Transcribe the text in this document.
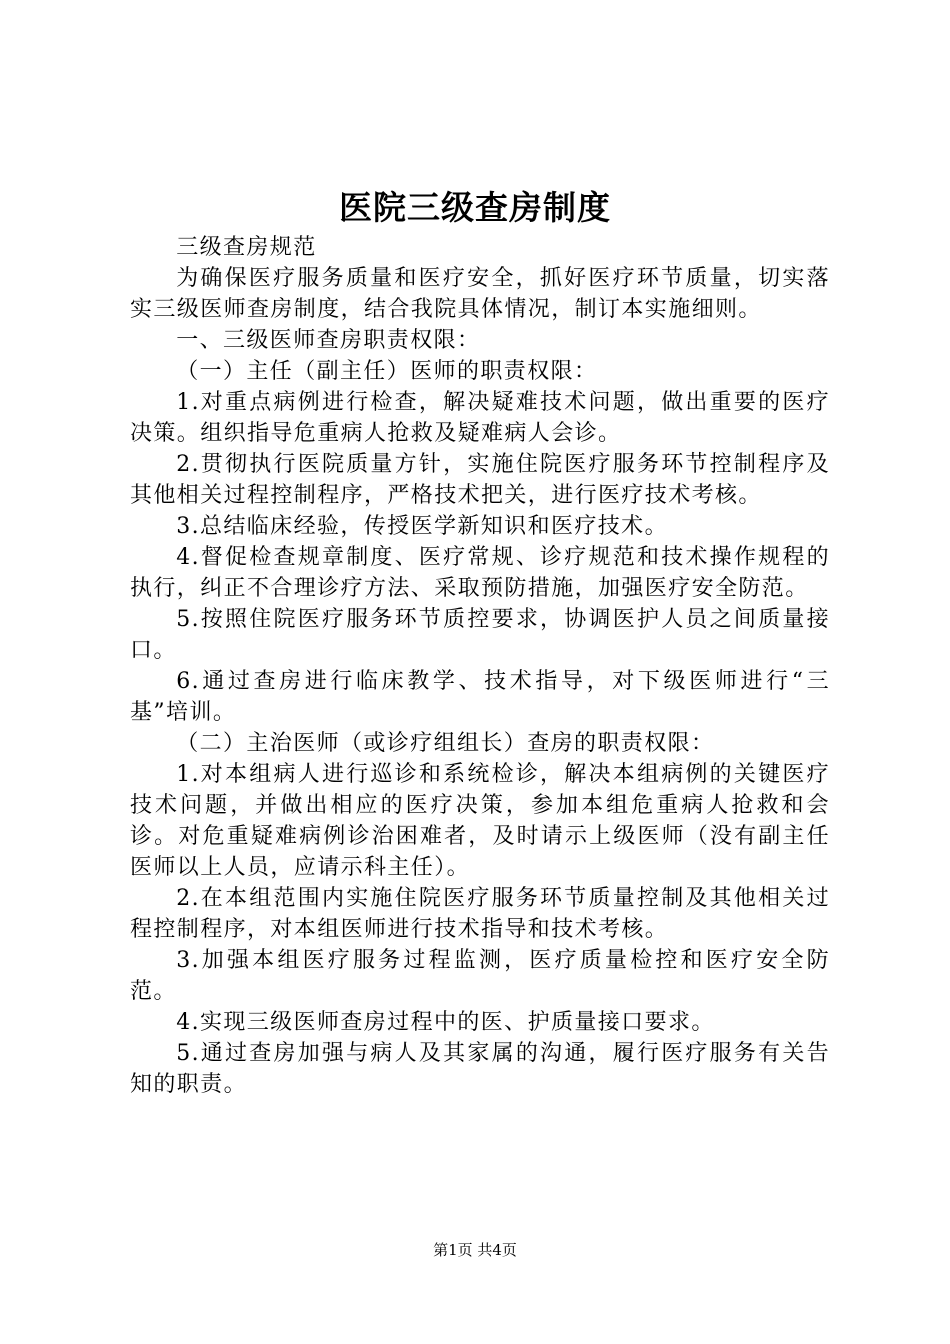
医院三级查房制度

三级查房规范

为确保医疗服务质量和医疗安全，抓好医疗环节质量，切实落实三级医师查房制度，结合我院具体情况，制订本实施细则。

一、三级医师查房职责权限：

（一）主任（副主任）医师的职责权限：

1.对重点病例进行检查，解决疑难技术问题，做出重要的医疗决策。组织指导危重病人抢救及疑难病人会诊。

2.贯彻执行医院质量方针，实施住院医疗服务环节控制程序及其他相关过程控制程序，严格技术把关，进行医疗技术考核。

3.总结临床经验，传授医学新知识和医疗技术。

4.督促检查规章制度、医疗常规、诊疗规范和技术操作规程的执行，纠正不合理诊疗方法、采取预防措施，加强医疗安全防范。

5.按照住院医疗服务环节质控要求，协调医护人员之间质量接口。

6.通过查房进行临床教学、技术指导，对下级医师进行“三基”培训。

（二）主治医师（或诊疗组组长）查房的职责权限：

1.对本组病人进行巡诊和系统检诊，解决本组病例的关键医疗技术问题，并做出相应的医疗决策，参加本组危重病人抢救和会诊。对危重疑难病例诊治困难者，及时请示上级医师（没有副主任医师以上人员，应请示科主任）。

2.在本组范围内实施住院医疗服务环节质量控制及其他相关过程控制程序，对本组医师进行技术指导和技术考核。

3.加强本组医疗服务过程监测，医疗质量检控和医疗安全防范。

4.实现三级医师查房过程中的医、护质量接口要求。

5.通过查房加强与病人及其家属的沟通，履行医疗服务有关告知的职责。

第1页 共4页
